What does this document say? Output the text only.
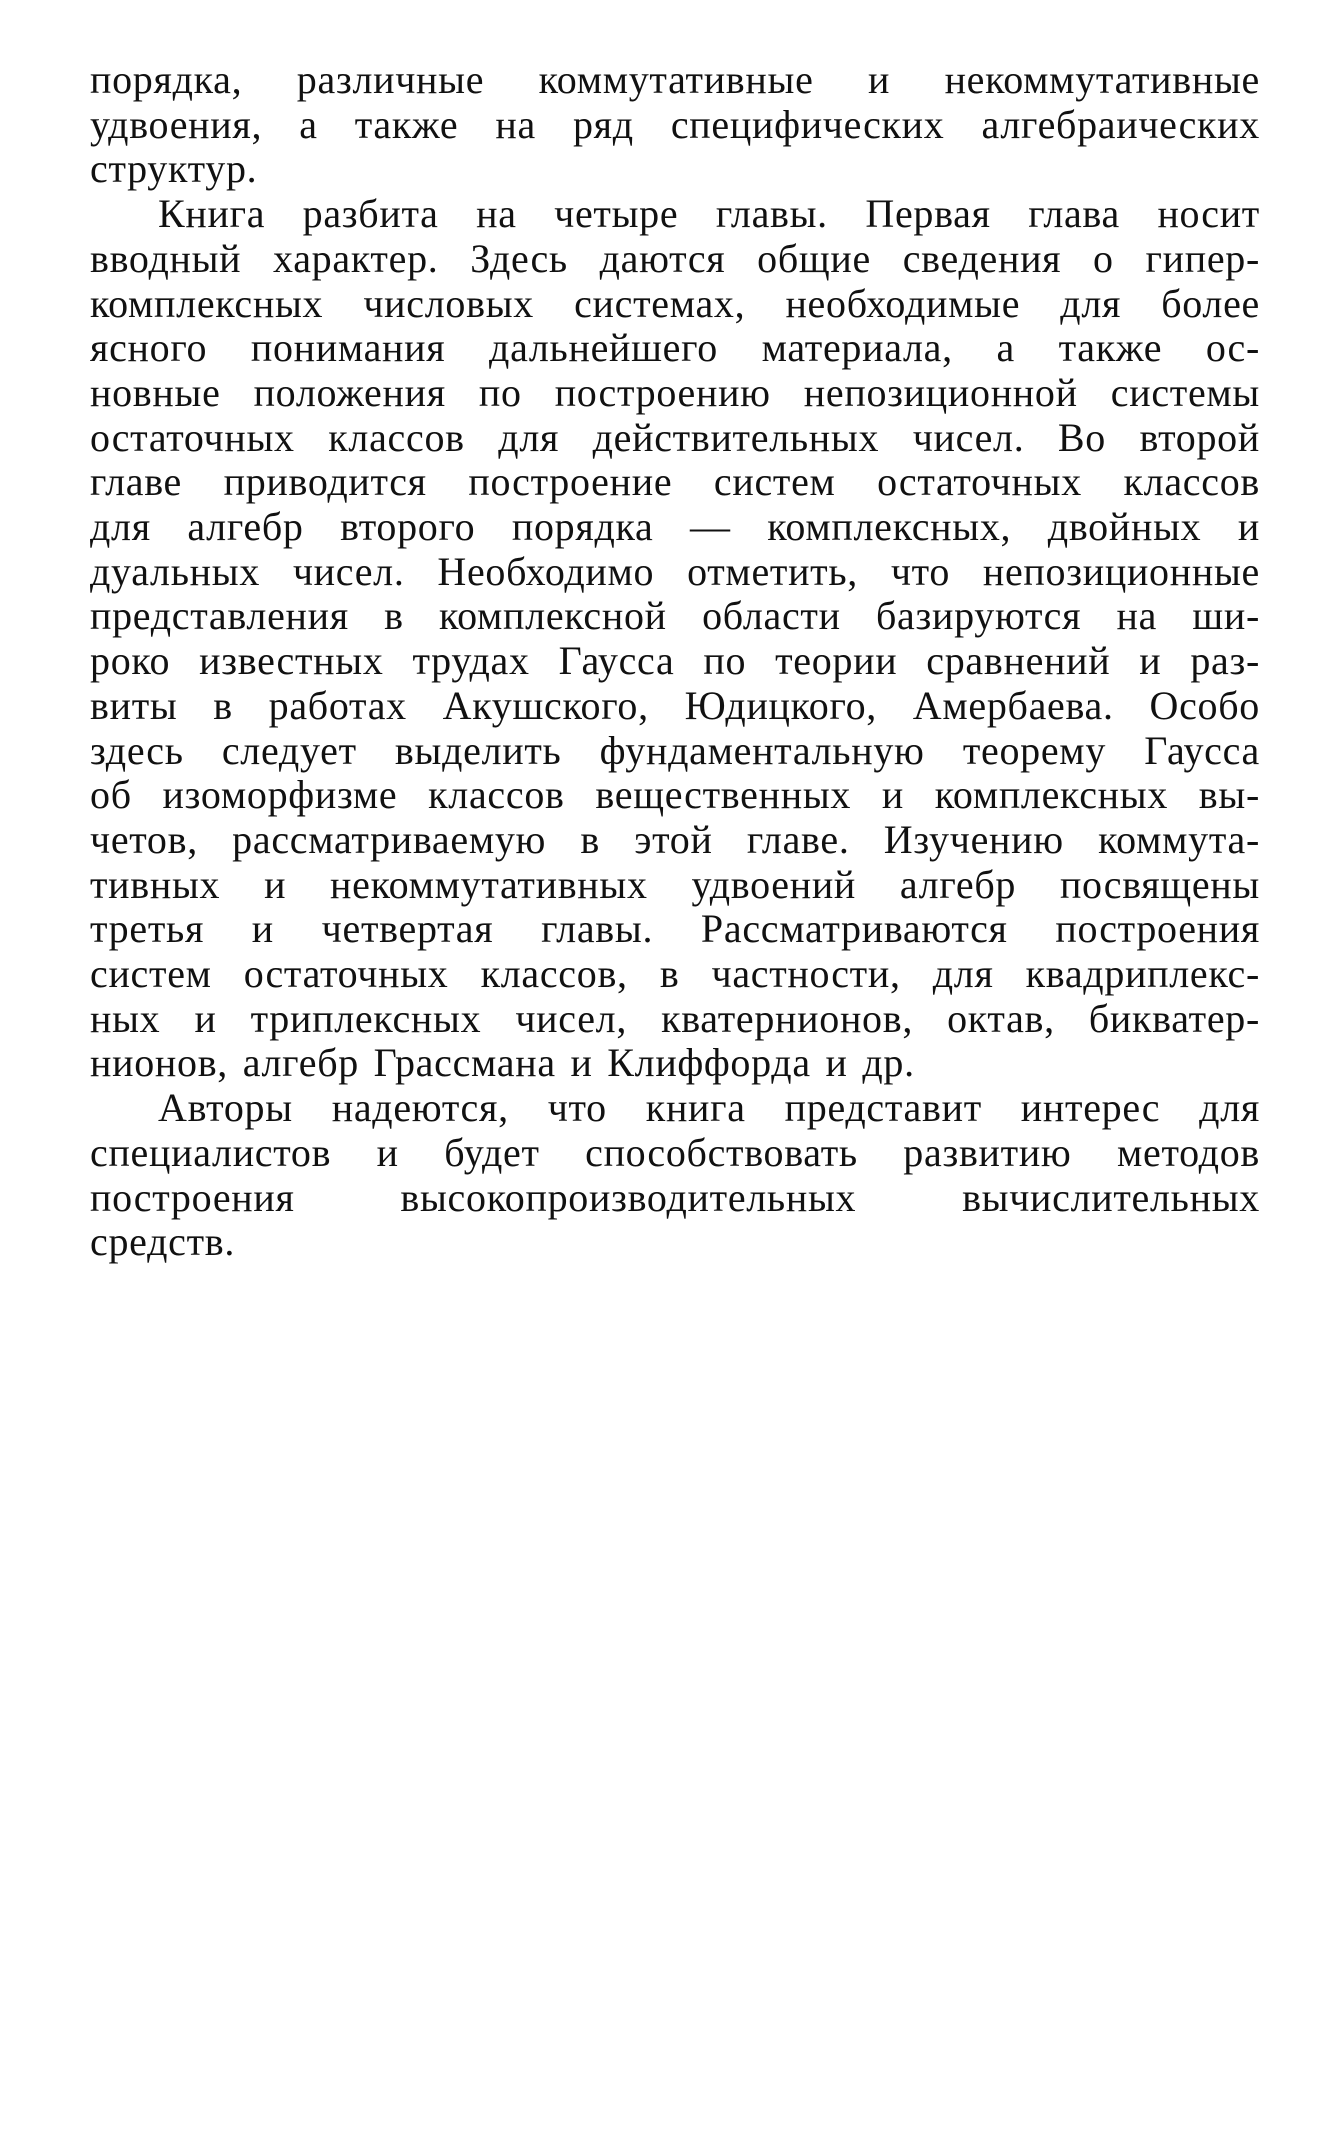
порядка, различные коммутативные и некоммутативные
удвоения, а также на ряд специфических алгебраических
структур.

Книга разбита на четыре главы. Первая глава носит
вводный характер. Здесь даются общие сведения о гипер-
комплексных числовых системах, необходимые для более
ясного понимания дальнейшего материала, а также ос-
новные положения по построению непозиционной системы
остаточных классов для действительных чисел. Во второй
главе приводится построение систем остаточных классов
для алгебр второго порядка — комплексных, двойных и
дуальных чисел. Необходимо отметить, что непозиционные
представления в комплексной области базируются на ши-
роко известных трудах Гаусса по теории сравнений и раз-
виты в работах Акушского, Юдицкого, Амербаева. Особо
здесь следует выделить фундаментальную теорему Гаусса
об изоморфизме классов вещественных и комплексных вы-
четов, рассматриваемую в этой главе. Изучению коммута-
тивных и некоммутативных удвоений алгебр посвящены
третья и четвертая главы. Рассматриваются построения
систем остаточных классов, в частности, для квадриплекс-
ных и триплексных чисел, кватернионов, октав, бикватер-
нионов, алгебр Грассмана и Клиффорда и др.

Авторы надеются, что книга представит интерес для
специалистов и будет способствовать развитию методов
построения высокопроизводительных вычислительных
средств.
